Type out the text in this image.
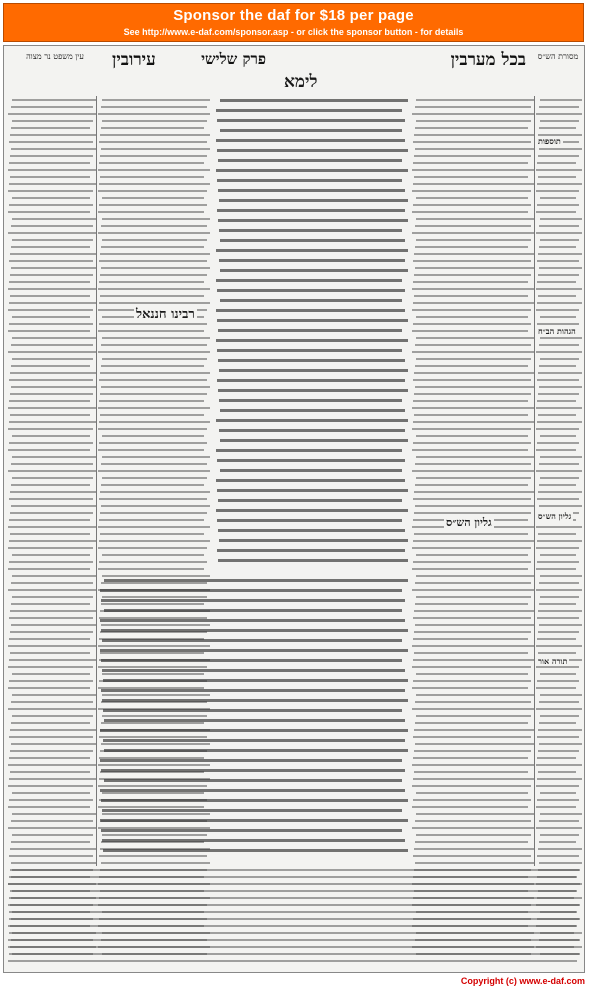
Sponsor the daf for $18 per page
See http://www.e-daf.com/sponsor.asp - or click the sponsor button - for details
מסורת הש״ס
בכל מערבין
פרק שלישי
עירובין
עין משפט נר מצוה
לימא
רבינו חננאל
גליון הש״ס
תוספות
הגהות הב״ח
גליון הש״ס
תורה אור
Copyright (c) www.e-daf.com
